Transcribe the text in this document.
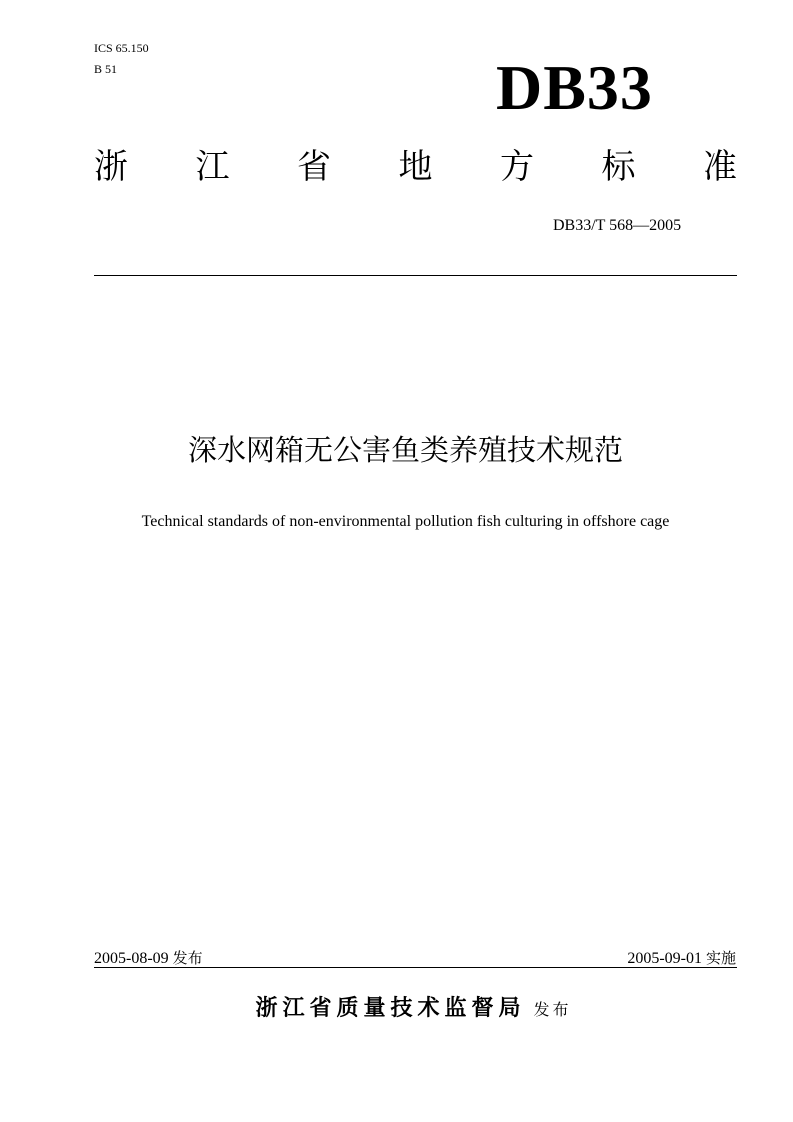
ICS 65.150
B 51	DB33
浙 江 省 地 方 标 准
DB33/T 568—2005
深水网箱无公害鱼类养殖技术规范
Technical standards of non-environmental pollution fish culturing in offshore cage
2005-08-09 发布	2005-09-01 实施
浙江省质量技术监督局 发布
